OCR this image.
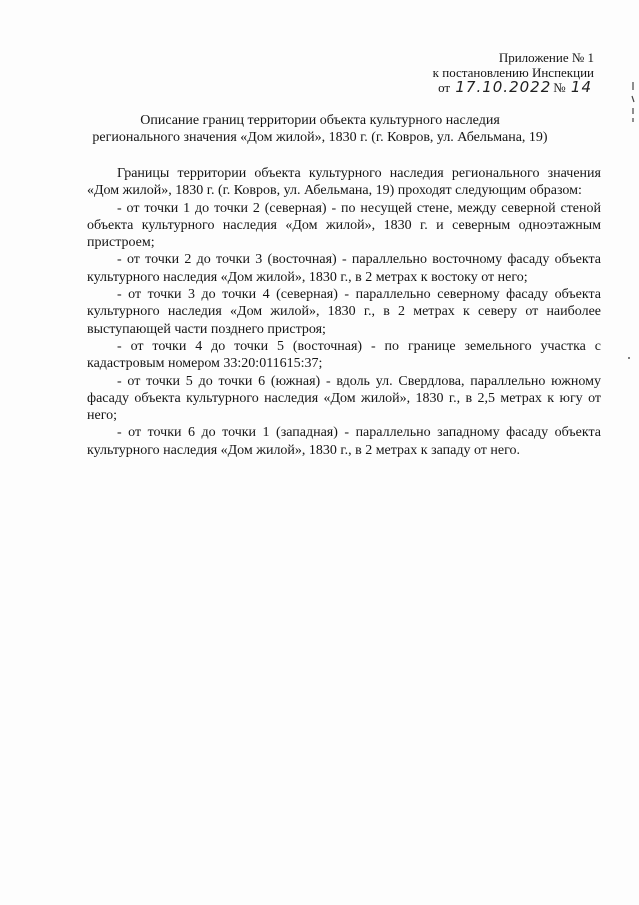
Приложение № 1
к постановлению Инспекции
от 17.10.2022 № 14
Описание границ территории объекта культурного наследия
регионального значения «Дом жилой», 1830 г. (г. Ковров, ул. Абельмана, 19)

Границы территории объекта культурного наследия регионального значения «Дом жилой», 1830 г. (г. Ковров, ул. Абельмана, 19) проходят следующим образом:

- от точки 1 до точки 2 (северная) - по несущей стене, между северной стеной объекта культурного наследия «Дом жилой», 1830 г. и северным одноэтажным пристроем;

- от точки 2 до точки 3 (восточная) - параллельно восточному фасаду объекта культурного наследия «Дом жилой», 1830 г., в 2 метрах к востоку от него;

- от точки 3 до точки 4 (северная) - параллельно северному фасаду объекта культурного наследия «Дом жилой», 1830 г., в 2 метрах к северу от наиболее выступающей части позднего пристроя;

- от точки 4 до точки 5 (восточная) - по границе земельного участка с кадастровым номером 33:20:011615:37;

- от точки 5 до точки 6 (южная) - вдоль ул. Свердлова, параллельно южному фасаду объекта культурного наследия «Дом жилой», 1830 г., в 2,5 метрах к югу от него;

- от точки 6 до точки 1 (западная) - параллельно западному фасаду объекта культурного наследия «Дом жилой», 1830 г., в 2 метрах к западу от него.
